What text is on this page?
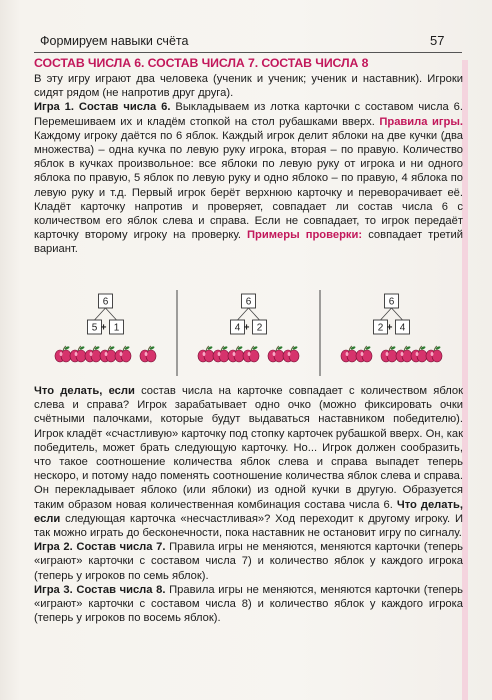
Формируем навыки счёта	57
СОСТАВ ЧИСЛА 6. СОСТАВ ЧИСЛА 7. СОСТАВ ЧИСЛА 8

В эту игру играют два человека (ученик и ученик; ученик и наставник). Игроки сидят рядом (не напротив друг друга).

Игра 1. Состав числа 6. Выкладываем из лотка карточки с составом числа 6. Перемешиваем их и кладём стопкой на стол рубашками вверх. Правила игры. Каждому игроку даётся по 6 яблок. Каждый игрок делит яблоки на две кучки (два множества) – одна кучка по левую руку игрока, вторая – по правую. Количество яблок в кучках произвольное: все яблоки по левую руку от игрока и ни одного яблока по правую, 5 яблок по левую руку и одно яблоко – по правую, 4 яблока по левую руку и т.д. Первый игрок берёт верхнюю карточку и переворачивает её. Кладёт карточку напротив и проверяет, совпадает ли состав числа 6 с количеством его яблок слева и справа. Если не совпадает, то игрок передаёт карточку второму игроку на проверку. Примеры проверки: совпадает третий вариант.

6
5 1
+
6
4 2
+
6
2 4
+

Что делать, если состав числа на карточке совпадает с количеством яблок слева и справа? Игрок зарабатывает одно очко (можно фиксировать очки счётными палочками, которые будут выдаваться наставником победителю). Игрок кладёт «счастливую» карточку под стопку карточек рубашкой вверх. Он, как победитель, может брать следующую карточку. Но... Игрок должен сообразить, что такое соотношение количества яблок слева и справа выпадет теперь нескоро, и потому надо поменять соотношение количества яблок слева и справа. Он перекладывает яблоко (или яблоки) из одной кучки в другую. Образуется таким образом новая количественная комбинация состава числа 6. Что делать, если следующая карточка «несчастливая»? Ход переходит к другому игроку. И так можно играть до бесконечности, пока наставник не остановит игру по сигналу.

Игра 2. Состав числа 7. Правила игры не меняются, меняются карточки (теперь «играют» карточки с составом числа 7) и количество яблок у каждого игрока (теперь у игроков по семь яблок).

Игра 3. Состав числа 8. Правила игры не меняются, меняются карточки (теперь «играют» карточки с составом числа 8) и количество яблок у каждого игрока (теперь у игроков по восемь яблок).
